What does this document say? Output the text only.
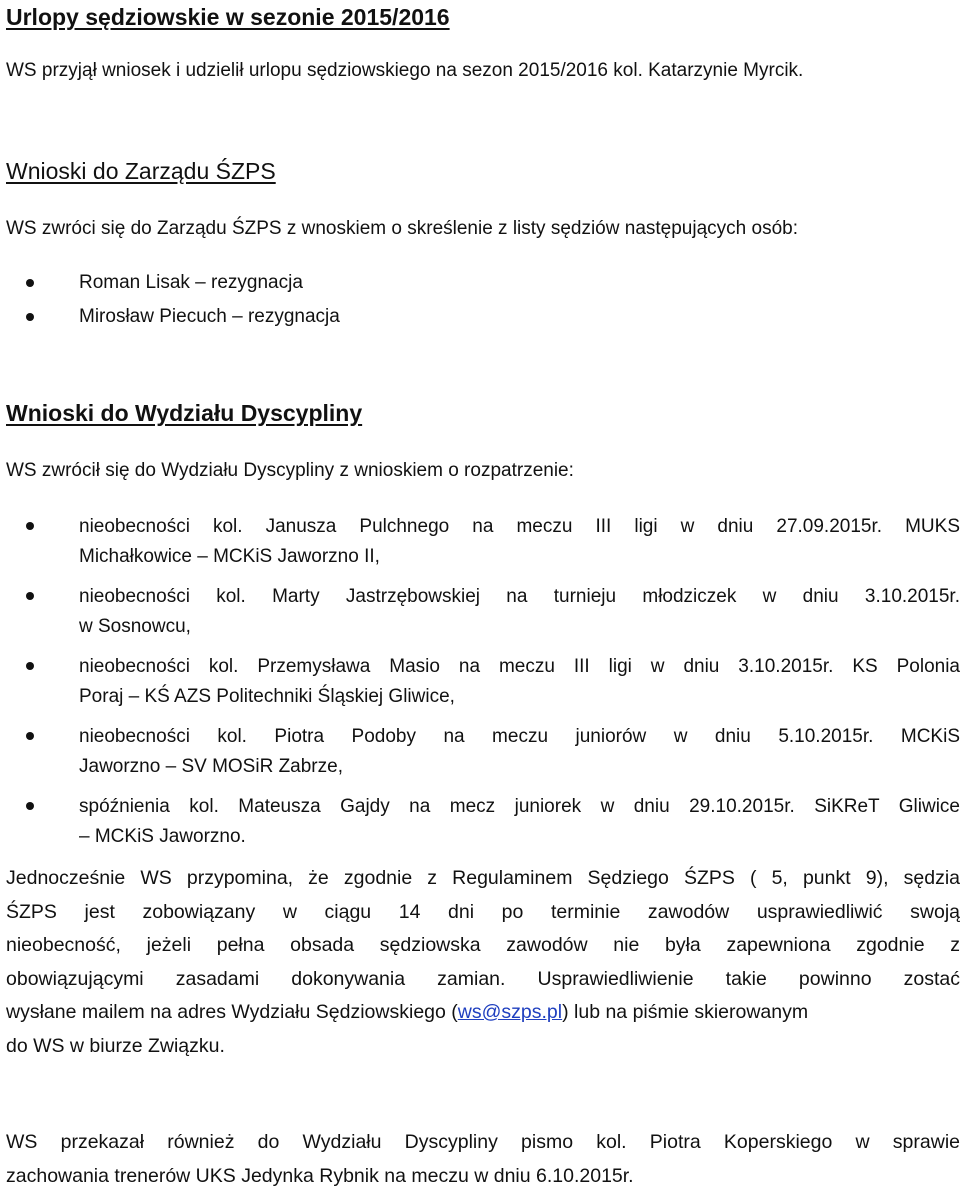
Urlopy sędziowskie w sezonie 2015/2016
WS przyjął wniosek i udzielił urlopu sędziowskiego na sezon 2015/2016 kol. Katarzynie Myrcik.
Wnioski do Zarządu ŚZPS
WS zwróci się do Zarządu ŚZPS z wnoskiem o skreślenie z listy sędziów następujących osób:
Roman Lisak – rezygnacja
Mirosław Piecuch – rezygnacja
Wnioski do Wydziału Dyscypliny
WS zwrócił się do Wydziału Dyscypliny z wnioskiem o rozpatrzenie:
nieobecności kol. Janusza Pulchnego na meczu III ligi w dniu 27.09.2015r. MUKS
Michałkowice – MCKiS Jaworzno II,
nieobecności kol. Marty Jastrzębowskiej na turnieju młodziczek w dniu 3.10.2015r.
w Sosnowcu,
nieobecności kol. Przemysława Masio na meczu III ligi w dniu 3.10.2015r. KS Polonia
Poraj – KŚ AZS Politechniki Śląskiej Gliwice,
nieobecności kol. Piotra Podoby na meczu juniorów w dniu 5.10.2015r. MCKiS
Jaworzno – SV MOSiR Zabrze,
spóźnienia kol. Mateusza Gajdy na mecz juniorek w dniu 29.10.2015r. SiKReT Gliwice
– MCKiS Jaworzno.
Jednocześnie WS przypomina, że zgodnie z Regulaminem Sędziego ŚZPS ( 5, punkt 9), sędzia
ŚZPS jest zobowiązany w ciągu 14 dni po terminie zawodów usprawiedliwić swoją
nieobecność, jeżeli pełna obsada sędziowska zawodów nie była zapewniona zgodnie z
obowiązującymi zasadami dokonywania zamian. Usprawiedliwienie takie powinno zostać
wysłane mailem na adres Wydziału Sędziowskiego (ws@szps.pl) lub na piśmie skierowanym
do WS w biurze Związku.
WS przekazał również do Wydziału Dyscypliny pismo kol. Piotra Koperskiego w sprawie
zachowania trenerów UKS Jedynka Rybnik na meczu w dniu 6.10.2015r.
